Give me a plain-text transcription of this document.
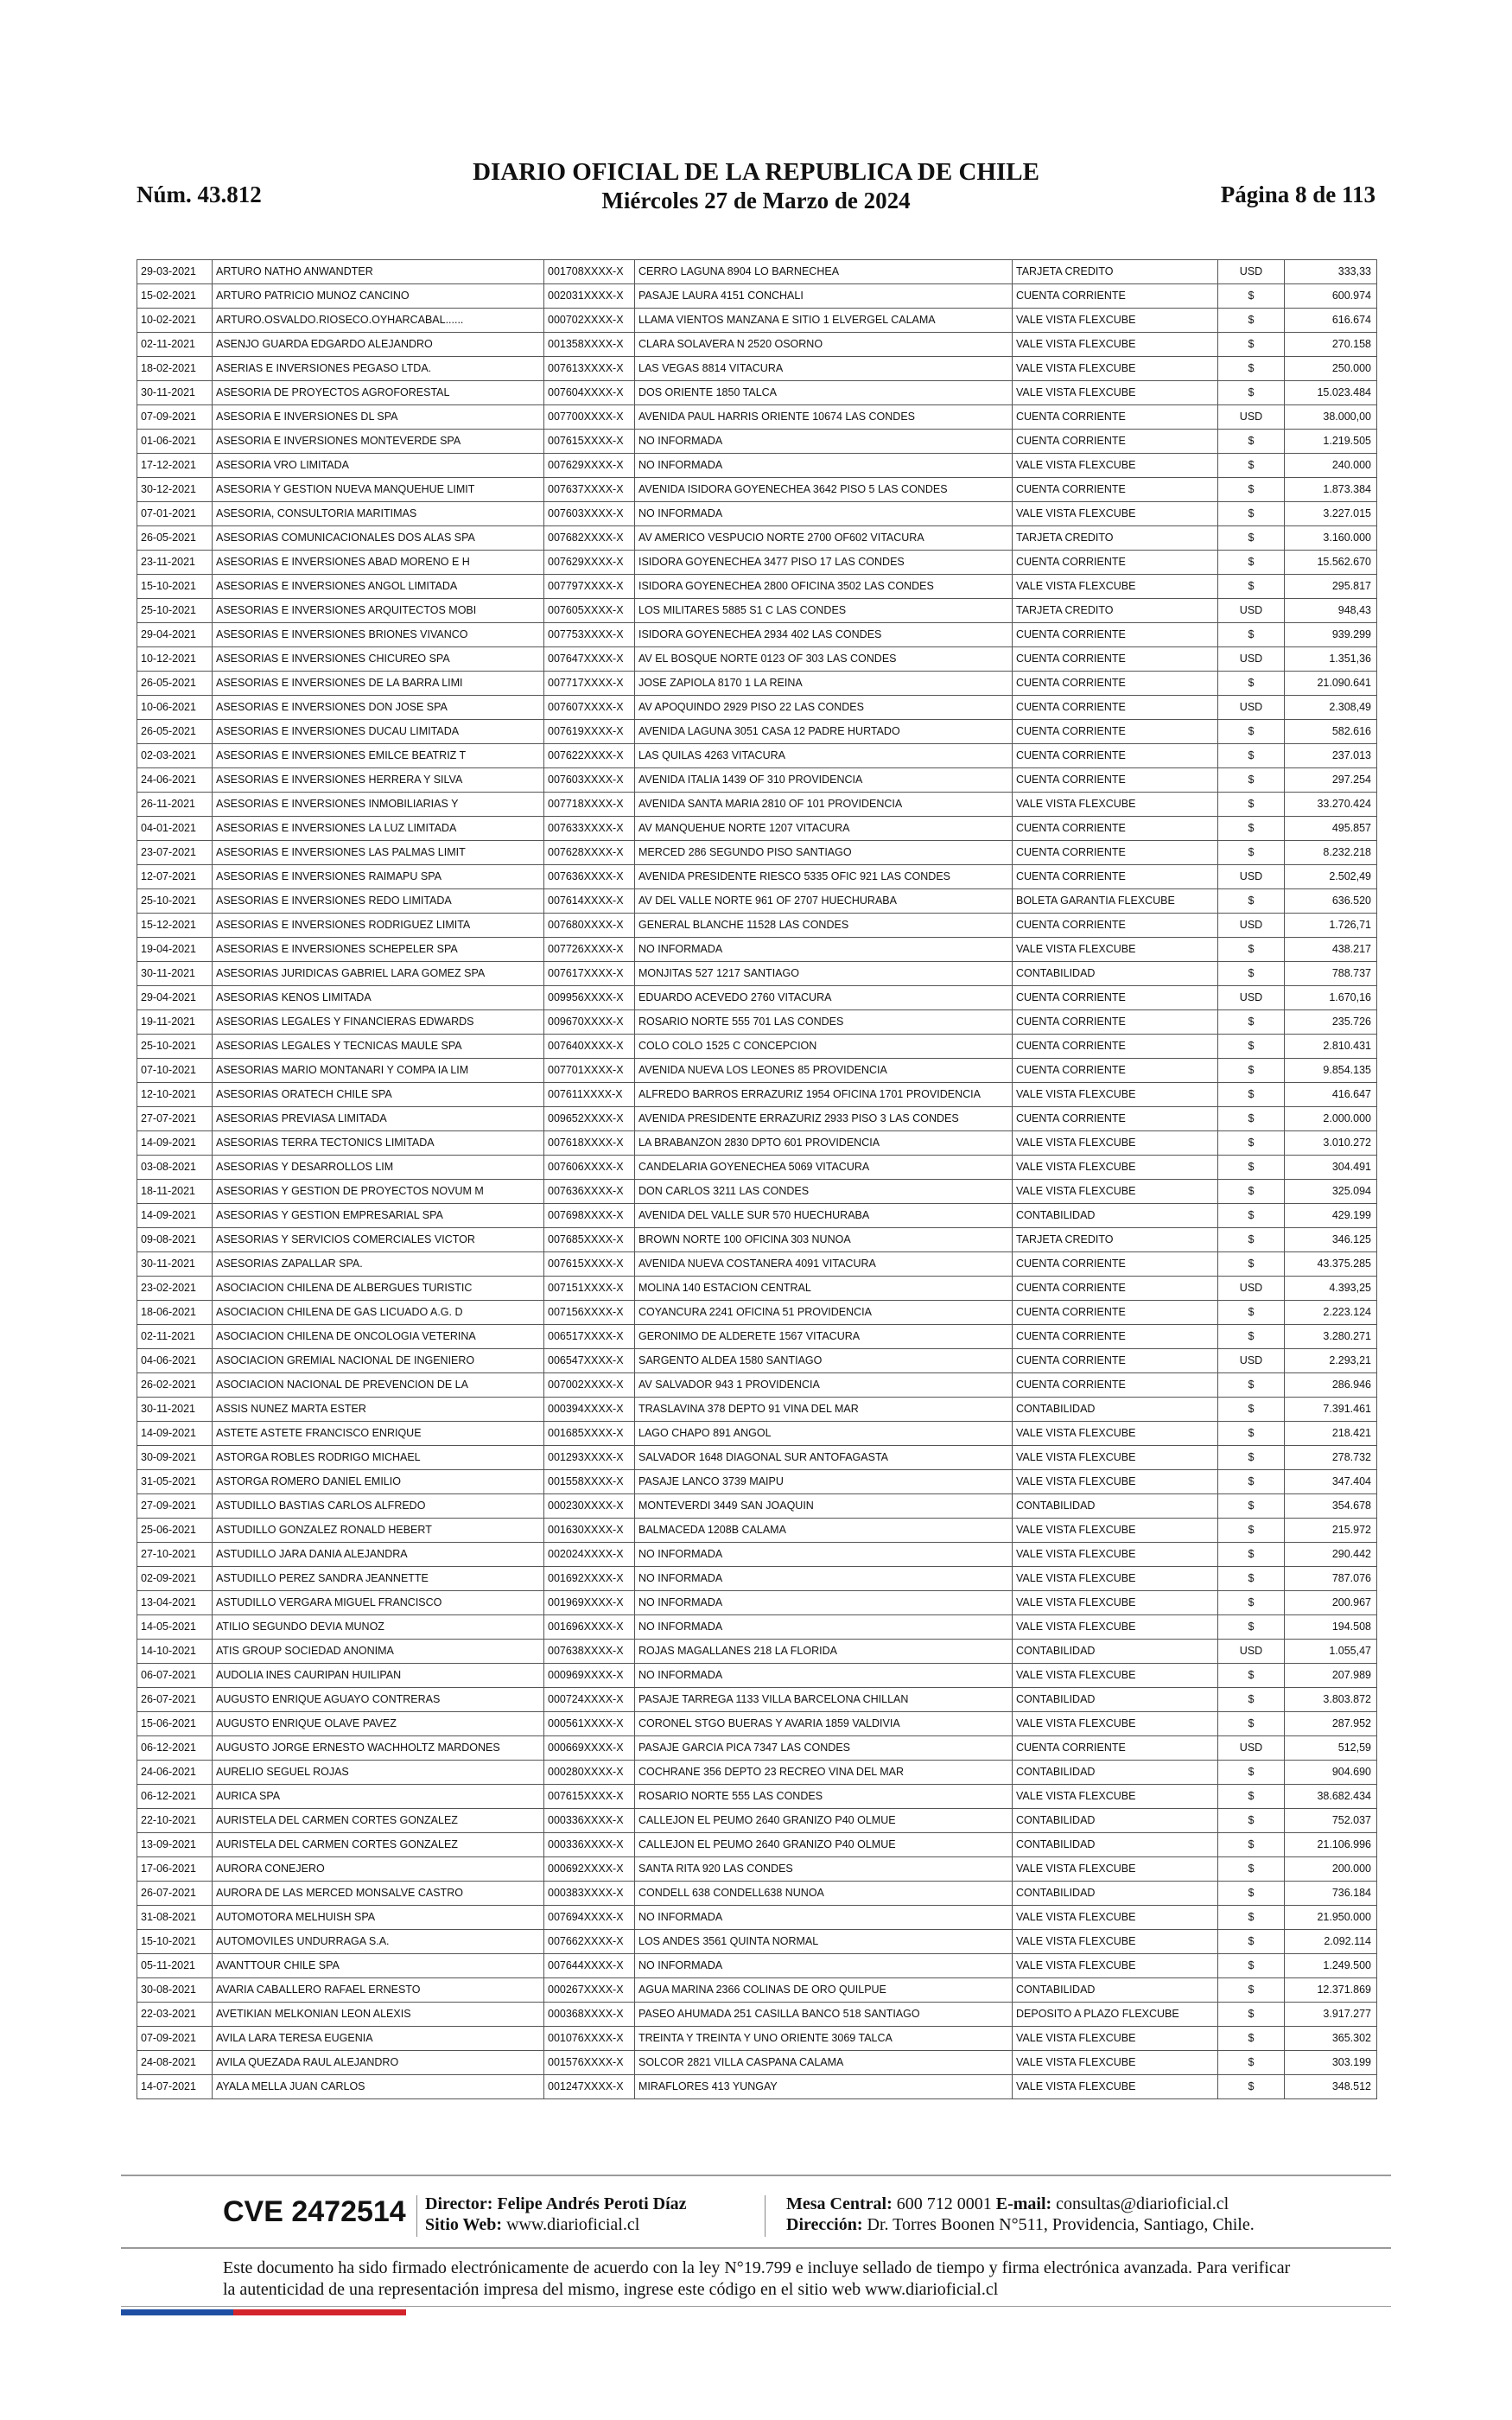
Núm. 43.812
DIARIO OFICIAL DE LA REPUBLICA DE CHILE
Miércoles 27 de Marzo de 2024	Página 8 de 113
29-03-2021	ARTURO NATHO ANWANDTER	001708XXXX-X	CERRO LAGUNA 8904 LO BARNECHEA	TARJETA CREDITO	USD	333,33
15-02-2021	ARTURO PATRICIO MUNOZ CANCINO	002031XXXX-X	PASAJE LAURA 4151 CONCHALI	CUENTA CORRIENTE	$	600.974
10-02-2021	ARTURO.OSVALDO.RIOSECO.OYHARCABAL......	000702XXXX-X	LLAMA VIENTOS MANZANA E SITIO 1 ELVERGEL CALAMA	VALE VISTA FLEXCUBE	$	616.674
02-11-2021	ASENJO GUARDA EDGARDO ALEJANDRO	001358XXXX-X	CLARA SOLAVERA N 2520 OSORNO	VALE VISTA FLEXCUBE	$	270.158
18-02-2021	ASERIAS E INVERSIONES PEGASO LTDA.	007613XXXX-X	LAS VEGAS 8814 VITACURA	VALE VISTA FLEXCUBE	$	250.000
30-11-2021	ASESORIA DE PROYECTOS AGROFORESTAL	007604XXXX-X	DOS ORIENTE 1850 TALCA	VALE VISTA FLEXCUBE	$	15.023.484
07-09-2021	ASESORIA E INVERSIONES DL SPA	007700XXXX-X	AVENIDA PAUL HARRIS ORIENTE 10674 LAS CONDES	CUENTA CORRIENTE	USD	38.000,00
01-06-2021	ASESORIA E INVERSIONES MONTEVERDE SPA	007615XXXX-X	NO INFORMADA	CUENTA CORRIENTE	$	1.219.505
17-12-2021	ASESORIA VRO LIMITADA	007629XXXX-X	NO INFORMADA	VALE VISTA FLEXCUBE	$	240.000
30-12-2021	ASESORIA Y GESTION NUEVA MANQUEHUE LIMIT	007637XXXX-X	AVENIDA ISIDORA GOYENECHEA 3642 PISO 5 LAS CONDES	CUENTA CORRIENTE	$	1.873.384
07-01-2021	ASESORIA, CONSULTORIA MARITIMAS	007603XXXX-X	NO INFORMADA	VALE VISTA FLEXCUBE	$	3.227.015
26-05-2021	ASESORIAS COMUNICACIONALES DOS ALAS SPA	007682XXXX-X	AV AMERICO VESPUCIO NORTE 2700 OF602 VITACURA	TARJETA CREDITO	$	3.160.000
23-11-2021	ASESORIAS E INVERSIONES ABAD MORENO E H	007629XXXX-X	ISIDORA GOYENECHEA 3477 PISO 17 LAS CONDES	CUENTA CORRIENTE	$	15.562.670
15-10-2021	ASESORIAS E INVERSIONES ANGOL LIMITADA	007797XXXX-X	ISIDORA GOYENECHEA 2800 OFICINA 3502 LAS CONDES	VALE VISTA FLEXCUBE	$	295.817
25-10-2021	ASESORIAS E INVERSIONES ARQUITECTOS MOBI	007605XXXX-X	LOS MILITARES 5885 S1 C LAS CONDES	TARJETA CREDITO	USD	948,43
29-04-2021	ASESORIAS E INVERSIONES BRIONES VIVANCO	007753XXXX-X	ISIDORA GOYENECHEA 2934 402 LAS CONDES	CUENTA CORRIENTE	$	939.299
10-12-2021	ASESORIAS E INVERSIONES CHICUREO SPA	007647XXXX-X	AV EL BOSQUE NORTE 0123 OF 303 LAS CONDES	CUENTA CORRIENTE	USD	1.351,36
26-05-2021	ASESORIAS E INVERSIONES DE LA BARRA LIMI	007717XXXX-X	JOSE ZAPIOLA 8170 1 LA REINA	CUENTA CORRIENTE	$	21.090.641
10-06-2021	ASESORIAS E INVERSIONES DON JOSE SPA	007607XXXX-X	AV APOQUINDO 2929 PISO 22 LAS CONDES	CUENTA CORRIENTE	USD	2.308,49
26-05-2021	ASESORIAS E INVERSIONES DUCAU LIMITADA	007619XXXX-X	AVENIDA LAGUNA 3051 CASA 12 PADRE HURTADO	CUENTA CORRIENTE	$	582.616
02-03-2021	ASESORIAS E INVERSIONES EMILCE BEATRIZ T	007622XXXX-X	LAS QUILAS 4263 VITACURA	CUENTA CORRIENTE	$	237.013
24-06-2021	ASESORIAS E INVERSIONES HERRERA Y SILVA	007603XXXX-X	AVENIDA ITALIA 1439 OF 310 PROVIDENCIA	CUENTA CORRIENTE	$	297.254
26-11-2021	ASESORIAS E INVERSIONES INMOBILIARIAS Y	007718XXXX-X	AVENIDA SANTA MARIA 2810 OF 101 PROVIDENCIA	VALE VISTA FLEXCUBE	$	33.270.424
04-01-2021	ASESORIAS E INVERSIONES LA LUZ LIMITADA	007633XXXX-X	AV MANQUEHUE NORTE 1207 VITACURA	CUENTA CORRIENTE	$	495.857
23-07-2021	ASESORIAS E INVERSIONES LAS PALMAS LIMIT	007628XXXX-X	MERCED 286 SEGUNDO PISO SANTIAGO	CUENTA CORRIENTE	$	8.232.218
12-07-2021	ASESORIAS E INVERSIONES RAIMAPU SPA	007636XXXX-X	AVENIDA PRESIDENTE RIESCO 5335 OFIC 921 LAS CONDES	CUENTA CORRIENTE	USD	2.502,49
25-10-2021	ASESORIAS E INVERSIONES REDO LIMITADA	007614XXXX-X	AV DEL VALLE NORTE 961 OF 2707 HUECHURABA	BOLETA GARANTIA FLEXCUBE	$	636.520
15-12-2021	ASESORIAS E INVERSIONES RODRIGUEZ LIMITA	007680XXXX-X	GENERAL BLANCHE 11528 LAS CONDES	CUENTA CORRIENTE	USD	1.726,71
19-04-2021	ASESORIAS E INVERSIONES SCHEPELER SPA	007726XXXX-X	NO INFORMADA	VALE VISTA FLEXCUBE	$	438.217
30-11-2021	ASESORIAS JURIDICAS GABRIEL LARA GOMEZ SPA	007617XXXX-X	MONJITAS 527 1217 SANTIAGO	CONTABILIDAD	$	788.737
29-04-2021	ASESORIAS KENOS LIMITADA	009956XXXX-X	EDUARDO ACEVEDO 2760 VITACURA	CUENTA CORRIENTE	USD	1.670,16
19-11-2021	ASESORIAS LEGALES Y FINANCIERAS EDWARDS	009670XXXX-X	ROSARIO NORTE 555 701 LAS CONDES	CUENTA CORRIENTE	$	235.726
25-10-2021	ASESORIAS LEGALES Y TECNICAS MAULE SPA	007640XXXX-X	COLO COLO 1525 C CONCEPCION	CUENTA CORRIENTE	$	2.810.431
07-10-2021	ASESORIAS MARIO MONTANARI Y COMPA IA LIM	007701XXXX-X	AVENIDA NUEVA LOS LEONES 85 PROVIDENCIA	CUENTA CORRIENTE	$	9.854.135
12-10-2021	ASESORIAS ORATECH CHILE SPA	007611XXXX-X	ALFREDO BARROS ERRAZURIZ 1954 OFICINA 1701 PROVIDENCIA	VALE VISTA FLEXCUBE	$	416.647
27-07-2021	ASESORIAS PREVIASA LIMITADA	009652XXXX-X	AVENIDA PRESIDENTE ERRAZURIZ 2933 PISO 3 LAS CONDES	CUENTA CORRIENTE	$	2.000.000
14-09-2021	ASESORIAS TERRA TECTONICS LIMITADA	007618XXXX-X	LA BRABANZON 2830 DPTO 601 PROVIDENCIA	VALE VISTA FLEXCUBE	$	3.010.272
03-08-2021	ASESORIAS Y DESARROLLOS LIM	007606XXXX-X	CANDELARIA GOYENECHEA 5069 VITACURA	VALE VISTA FLEXCUBE	$	304.491
18-11-2021	ASESORIAS Y GESTION DE PROYECTOS NOVUM M	007636XXXX-X	DON CARLOS 3211 LAS CONDES	VALE VISTA FLEXCUBE	$	325.094
14-09-2021	ASESORIAS Y GESTION EMPRESARIAL SPA	007698XXXX-X	AVENIDA DEL VALLE SUR 570 HUECHURABA	CONTABILIDAD	$	429.199
09-08-2021	ASESORIAS Y SERVICIOS COMERCIALES VICTOR	007685XXXX-X	BROWN NORTE 100 OFICINA 303 NUNOA	TARJETA CREDITO	$	346.125
30-11-2021	ASESORIAS ZAPALLAR SPA.	007615XXXX-X	AVENIDA NUEVA COSTANERA 4091 VITACURA	CUENTA CORRIENTE	$	43.375.285
23-02-2021	ASOCIACION CHILENA DE ALBERGUES TURISTIC	007151XXXX-X	MOLINA 140 ESTACION CENTRAL	CUENTA CORRIENTE	USD	4.393,25
18-06-2021	ASOCIACION CHILENA DE GAS LICUADO A.G. D	007156XXXX-X	COYANCURA 2241 OFICINA 51 PROVIDENCIA	CUENTA CORRIENTE	$	2.223.124
02-11-2021	ASOCIACION CHILENA DE ONCOLOGIA VETERINA	006517XXXX-X	GERONIMO DE ALDERETE 1567 VITACURA	CUENTA CORRIENTE	$	3.280.271
04-06-2021	ASOCIACION GREMIAL NACIONAL DE INGENIERO	006547XXXX-X	SARGENTO ALDEA 1580 SANTIAGO	CUENTA CORRIENTE	USD	2.293,21
26-02-2021	ASOCIACION NACIONAL DE PREVENCION DE LA	007002XXXX-X	AV SALVADOR 943 1 PROVIDENCIA	CUENTA CORRIENTE	$	286.946
30-11-2021	ASSIS NUNEZ MARTA ESTER	000394XXXX-X	TRASLAVINA 378 DEPTO 91 VINA DEL MAR	CONTABILIDAD	$	7.391.461
14-09-2021	ASTETE ASTETE FRANCISCO ENRIQUE	001685XXXX-X	LAGO CHAPO 891 ANGOL	VALE VISTA FLEXCUBE	$	218.421
30-09-2021	ASTORGA ROBLES RODRIGO MICHAEL	001293XXXX-X	SALVADOR 1648 DIAGONAL SUR ANTOFAGASTA	VALE VISTA FLEXCUBE	$	278.732
31-05-2021	ASTORGA ROMERO DANIEL EMILIO	001558XXXX-X	PASAJE LANCO 3739 MAIPU	VALE VISTA FLEXCUBE	$	347.404
27-09-2021	ASTUDILLO BASTIAS CARLOS ALFREDO	000230XXXX-X	MONTEVERDI 3449 SAN JOAQUIN	CONTABILIDAD	$	354.678
25-06-2021	ASTUDILLO GONZALEZ RONALD HEBERT	001630XXXX-X	BALMACEDA 1208B CALAMA	VALE VISTA FLEXCUBE	$	215.972
27-10-2021	ASTUDILLO JARA DANIA ALEJANDRA	002024XXXX-X	NO INFORMADA	VALE VISTA FLEXCUBE	$	290.442
02-09-2021	ASTUDILLO PEREZ SANDRA JEANNETTE	001692XXXX-X	NO INFORMADA	VALE VISTA FLEXCUBE	$	787.076
13-04-2021	ASTUDILLO VERGARA MIGUEL FRANCISCO	001969XXXX-X	NO INFORMADA	VALE VISTA FLEXCUBE	$	200.967
14-05-2021	ATILIO SEGUNDO DEVIA MUNOZ	001696XXXX-X	NO INFORMADA	VALE VISTA FLEXCUBE	$	194.508
14-10-2021	ATIS GROUP SOCIEDAD ANONIMA	007638XXXX-X	ROJAS MAGALLANES 218 LA FLORIDA	CONTABILIDAD	USD	1.055,47
06-07-2021	AUDOLIA INES CAURIPAN HUILIPAN	000969XXXX-X	NO INFORMADA	VALE VISTA FLEXCUBE	$	207.989
26-07-2021	AUGUSTO ENRIQUE AGUAYO CONTRERAS	000724XXXX-X	PASAJE TARREGA 1133 VILLA BARCELONA CHILLAN	CONTABILIDAD	$	3.803.872
15-06-2021	AUGUSTO ENRIQUE OLAVE PAVEZ	000561XXXX-X	CORONEL STGO BUERAS Y AVARIA 1859 VALDIVIA	VALE VISTA FLEXCUBE	$	287.952
06-12-2021	AUGUSTO JORGE ERNESTO WACHHOLTZ MARDONES	000669XXXX-X	PASAJE GARCIA PICA 7347 LAS CONDES	CUENTA CORRIENTE	USD	512,59
24-06-2021	AURELIO SEGUEL ROJAS	000280XXXX-X	COCHRANE 356 DEPTO 23 RECREO VINA DEL MAR	CONTABILIDAD	$	904.690
06-12-2021	AURICA SPA	007615XXXX-X	ROSARIO NORTE 555 LAS CONDES	VALE VISTA FLEXCUBE	$	38.682.434
22-10-2021	AURISTELA DEL CARMEN CORTES GONZALEZ	000336XXXX-X	CALLEJON EL PEUMO 2640 GRANIZO P40 OLMUE	CONTABILIDAD	$	752.037
13-09-2021	AURISTELA DEL CARMEN CORTES GONZALEZ	000336XXXX-X	CALLEJON EL PEUMO 2640 GRANIZO P40 OLMUE	CONTABILIDAD	$	21.106.996
17-06-2021	AURORA CONEJERO	000692XXXX-X	SANTA RITA 920 LAS CONDES	VALE VISTA FLEXCUBE	$	200.000
26-07-2021	AURORA DE LAS MERCED MONSALVE CASTRO	000383XXXX-X	CONDELL 638 CONDELL638 NUNOA	CONTABILIDAD	$	736.184
31-08-2021	AUTOMOTORA MELHUISH SPA	007694XXXX-X	NO INFORMADA	VALE VISTA FLEXCUBE	$	21.950.000
15-10-2021	AUTOMOVILES UNDURRAGA S.A.	007662XXXX-X	LOS ANDES 3561 QUINTA NORMAL	VALE VISTA FLEXCUBE	$	2.092.114
05-11-2021	AVANTTOUR CHILE SPA	007644XXXX-X	NO INFORMADA	VALE VISTA FLEXCUBE	$	1.249.500
30-08-2021	AVARIA CABALLERO RAFAEL ERNESTO	000267XXXX-X	AGUA MARINA 2366 COLINAS DE ORO QUILPUE	CONTABILIDAD	$	12.371.869
22-03-2021	AVETIKIAN MELKONIAN LEON ALEXIS	000368XXXX-X	PASEO AHUMADA 251 CASILLA BANCO 518 SANTIAGO	DEPOSITO A PLAZO FLEXCUBE	$	3.917.277
07-09-2021	AVILA LARA TERESA EUGENIA	001076XXXX-X	TREINTA Y TREINTA Y UNO ORIENTE 3069 TALCA	VALE VISTA FLEXCUBE	$	365.302
24-08-2021	AVILA QUEZADA RAUL ALEJANDRO	001576XXXX-X	SOLCOR 2821 VILLA CASPANA CALAMA	VALE VISTA FLEXCUBE	$	303.199
14-07-2021	AYALA MELLA JUAN CARLOS	001247XXXX-X	MIRAFLORES 413 YUNGAY	VALE VISTA FLEXCUBE	$	348.512
CVE 2472514 Director: Felipe Andrés Peroti Díaz
Sitio Web: www.diarioficial.cl
Mesa Central: 600 712 0001 E-mail: consultas@diarioficial.cl
Dirección: Dr. Torres Boonen N°511, Providencia, Santiago, Chile.
Este documento ha sido firmado electrónicamente de acuerdo con la ley N°19.799 e incluye sellado de tiempo y firma electrónica avanzada. Para verificar la autenticidad de una representación impresa del mismo, ingrese este código en el sitio web www.diarioficial.cl
